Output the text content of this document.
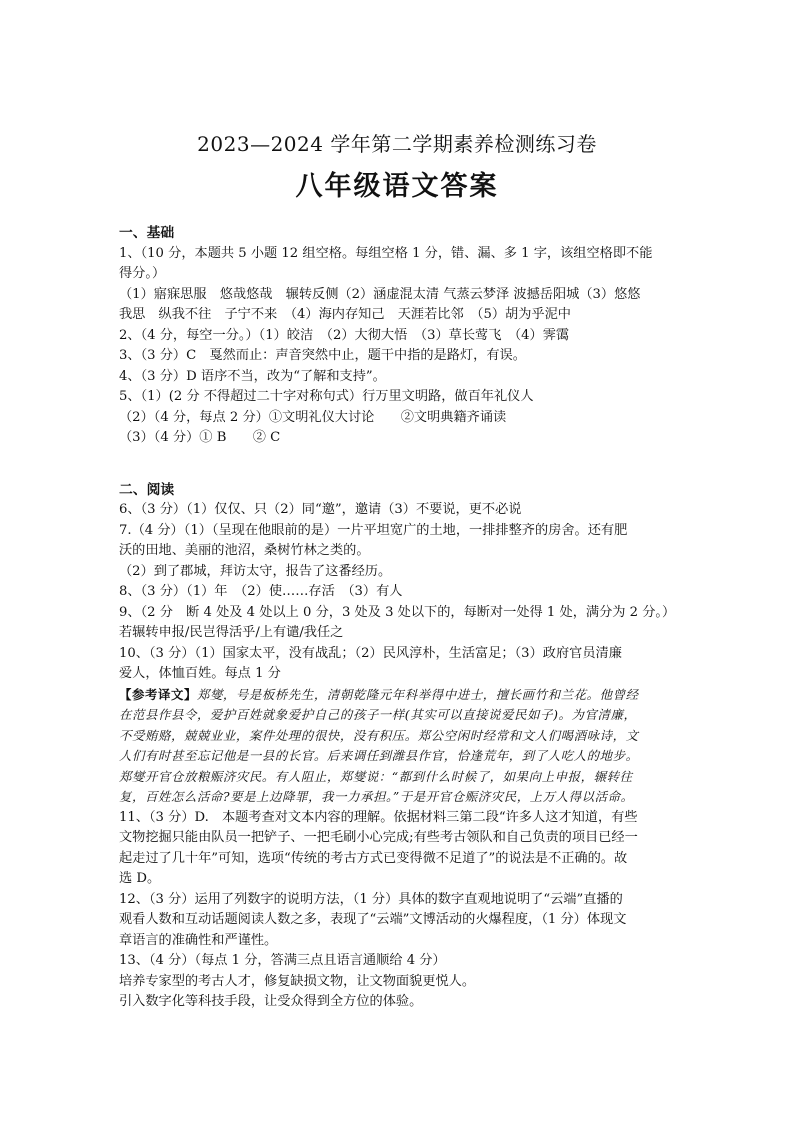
2023—2024 学年第二学期素养检测练习卷
八年级语文答案
一、基础
1、（10 分，本题共 5 小题 12 组空格。每组空格 1 分，错、漏、多 1 字，该组空格即不能
得分。）
（1）寤寐思服　悠哉悠哉　辗转反侧（2）涵虚混太清 气蒸云梦泽 波撼岳阳城（3）悠悠
我思　纵我不往　子宁不来　（4）海内存知己　天涯若比邻　（5）胡为乎泥中
2、（4 分，每空一分。）（1）皎洁　（2）大彻大悟　（3）草长莺飞　（4）霁霭
3、（3 分）C　戛然而止：声音突然中止，题干中指的是路灯，有误。
4、（3 分）D 语序不当，改为“了解和支持”。
5、（1）(2 分 不得超过二十字对称句式）行万里文明路，做百年礼仪人
（2）（4 分，每点 2 分）①文明礼仪大讨论　　②文明典籍齐诵读
（3）（4 分）① B　　② C
二、阅读
6、（3 分）（1）仅仅、只（2）同“邀”，邀请（3）不要说，更不必说
7.（4 分）（1）（呈现在他眼前的是）一片平坦宽广的土地，一排排整齐的房舍。还有肥
沃的田地、美丽的池沼，桑树竹林之类的。
（2）到了郡城，拜访太守，报告了这番经历。
8、（3 分）（1）年　（2）使……存活　（3）有人
9、（2 分　断 4 处及 4 处以上 0 分，3 处及 3 处以下的，每断对一处得 1 处，满分为 2 分。）
若辗转申报/民岂得活乎/上有谴/我任之
10、（3 分）（1）国家太平，没有战乱；（2）民风淳朴，生活富足；（3）政府官员清廉
爱人，体恤百姓。每点 1 分
【参考译文】郑燮，号是板桥先生，清朝乾隆元年科举得中进士，擅长画竹和兰花。他曾经
在范县作县令，爱护百姓就象爱护自己的孩子一样(其实可以直接说爱民如子)。为官清廉，
不受贿赂，兢兢业业，案件处理的很快，没有积压。郑公空闲时经常和文人们喝酒咏诗，文
人们有时甚至忘记他是一县的长官。后来调任到潍县作官，恰逢荒年，到了人吃人的地步。
郑燮开官仓放粮赈济灾民。有人阻止，郑燮说：“都到什么时候了，如果向上申报，辗转往
复，百姓怎么活命?要是上边降罪，我一力承担。”于是开官仓赈济灾民，上万人得以活命。
11、（3 分）D.　本题考查对文本内容的理解。依据材料三第二段“许多人这才知道，有些
文物挖掘只能由队员一把铲子、一把毛刷小心完成;有些考古领队和自己负责的项目已经一
起走过了几十年”可知，选项“传统的考古方式已变得微不足道了”的说法是不正确的。故
选 D。
12、（3 分）运用了列数字的说明方法，（1 分）具体的数字直观地说明了“云端”直播的
观看人数和互动话题阅读人数之多，表现了“云端”文博活动的火爆程度，（1 分）体现文
章语言的准确性和严谨性。
13、（4 分）（每点 1 分，答满三点且语言通顺给 4 分）
培养专家型的考古人才，修复缺损文物，让文物面貌更悦人。
引入数字化等科技手段，让受众得到全方位的体验。
